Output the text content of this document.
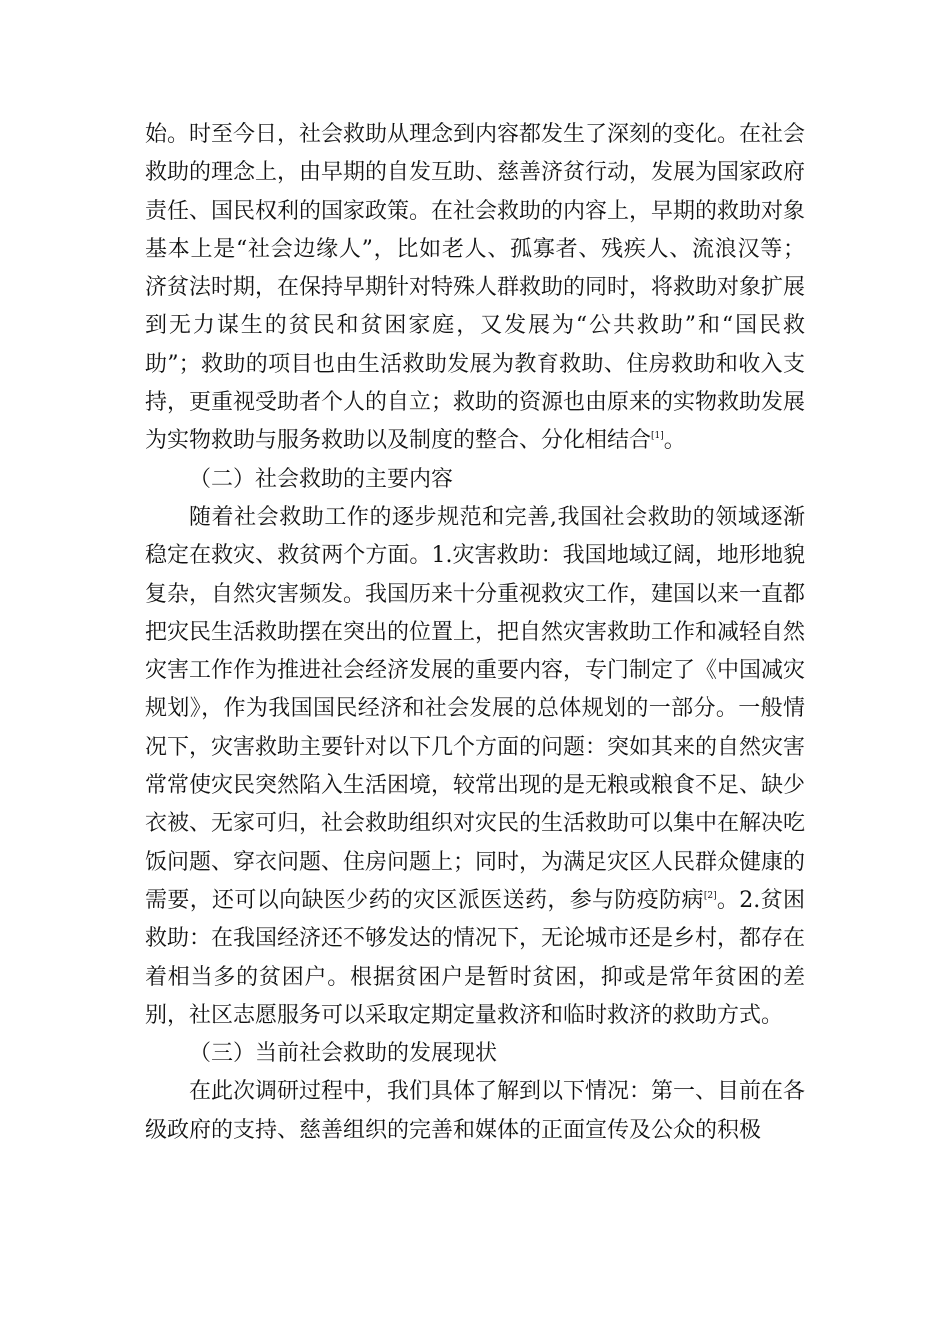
始。时至今日，社会救助从理念到内容都发生了深刻的变化。在社会救助的理念上，由早期的自发互助、慈善济贫行动，发展为国家政府责任、国民权利的国家政策。在社会救助的内容上，早期的救助对象基本上是“社会边缘人”，比如老人、孤寡者、残疾人、流浪汉等；济贫法时期，在保持早期针对特殊人群救助的同时，将救助对象扩展到无力谋生的贫民和贫困家庭，又发展为“公共救助”和“国民救助”；救助的项目也由生活救助发展为教育救助、住房救助和收入支持，更重视受助者个人的自立；救助的资源也由原来的实物救助发展为实物救助与服务救助以及制度的整合、分化相结合[1]。

（二）社会救助的主要内容

随着社会救助工作的逐步规范和完善,我国社会救助的领域逐渐稳定在救灾、救贫两个方面。1.灾害救助：我国地域辽阔，地形地貌复杂，自然灾害频发。我国历来十分重视救灾工作，建国以来一直都把灾民生活救助摆在突出的位置上，把自然灾害救助工作和减轻自然灾害工作作为推进社会经济发展的重要内容，专门制定了《中国减灾规划》，作为我国国民经济和社会发展的总体规划的一部分。一般情况下，灾害救助主要针对以下几个方面的问题：突如其来的自然灾害常常使灾民突然陷入生活困境，较常出现的是无粮或粮食不足、缺少衣被、无家可归，社会救助组织对灾民的生活救助可以集中在解决吃饭问题、穿衣问题、住房问题上；同时，为满足灾区人民群众健康的需要，还可以向缺医少药的灾区派医送药，参与防疫防病[2]。2.贫困救助：在我国经济还不够发达的情况下，无论城市还是乡村，都存在着相当多的贫困户。根据贫困户是暂时贫困，抑或是常年贫困的差别，社区志愿服务可以采取定期定量救济和临时救济的救助方式。

（三）当前社会救助的发展现状

在此次调研过程中，我们具体了解到以下情况：第一、目前在各级政府的支持、慈善组织的完善和媒体的正面宣传及公众的积极
